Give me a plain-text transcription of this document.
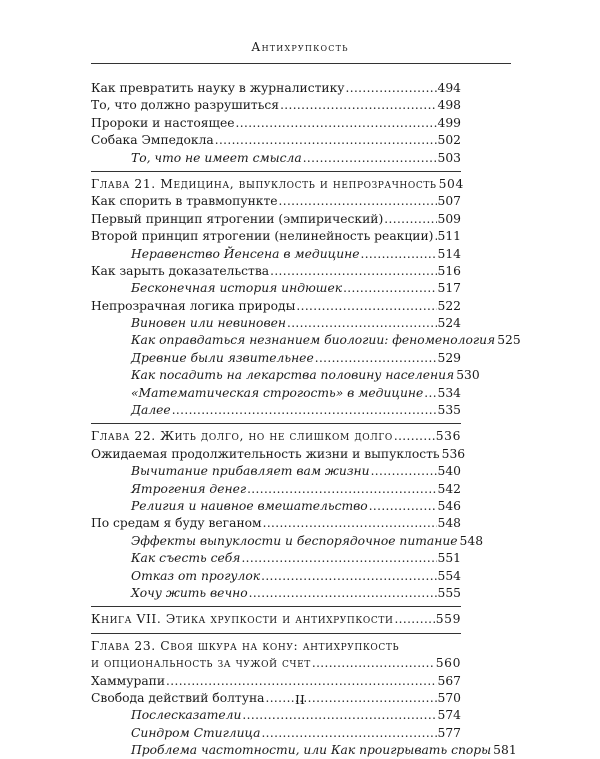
Антихрупкость
Как превратить науку в журналистику .....	494
То, что должно разрушиться .....	498
Пророки и настоящее .....	499
Собака Эмпедокла .....	502
То, что не имеет смысла .....	503
Глава 21. Медицина, выпуклость и непрозрачность 504
Как спорить в травмопункте .....	507
Первый принцип ятрогении (эмпирический) .....	509
Второй принцип ятрогении (нелинейность реакции) ..... 511
Неравенство Йенсена в медицине .....	514
Как зарыть доказательства .....	516
Бесконечная история индюшек .....	517
Непрозрачная логика природы .....	522
Виновен или невиновен .....	524
Как оправдаться незнанием биологии: феноменология 525
Древние были язвительнее .....	529
Как посадить на лекарства половину населения 530
«Математическая строгость» в медицине ..... 534
Далее .....	535
Глава 22. Жить долго, но не слишком долго .....	536
Ожидаемая продолжительность жизни и выпуклость 536
Вычитание прибавляет вам жизни .....	540
Ятрогения денег .....	542
Религия и наивное вмешательство .....	546
По средам я буду веганом .....	548
Эффекты выпуклости и беспорядочное питание 548
Как съесть себя .....	551
Отказ от прогулок .....	554
Хочу жить вечно .....	555
Книга VII. Этика хрупкости и антихрупкости .....	559
Глава 23. Своя шкура на кону: антихрупкость
и опциональность за чужой счет .....	560
Хаммурапи .....	567
Свобода действий болтуна .....	570
Послесказатели .....	574
Синдром Стиглица .....	577
Проблема частотности, или Как проигрывать споры 581
II
